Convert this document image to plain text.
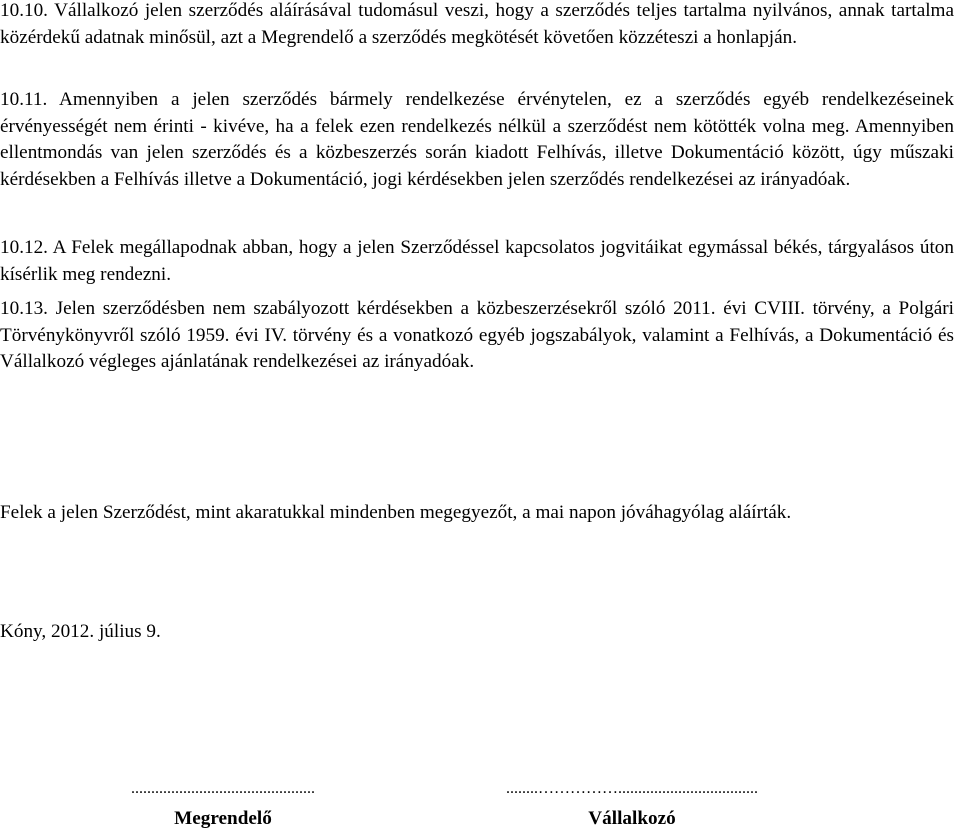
10.10. Vállalkozó jelen szerződés aláírásával tudomásul veszi, hogy a szerződés teljes tartalma nyilvános, annak tartalma közérdekű adatnak minősül, azt a Megrendelő a szerződés megkötését követően közzéteszi a honlapján.
10.11. Amennyiben a jelen szerződés bármely rendelkezése érvénytelen, ez a szerződés egyéb rendelkezéseinek érvényességét nem érinti - kivéve, ha a felek ezen rendelkezés nélkül a szerződést nem kötötték volna meg. Amennyiben ellentmondás van jelen szerződés és a közbeszerzés során kiadott Felhívás, illetve Dokumentáció között, úgy műszaki kérdésekben a Felhívás illetve a Dokumentáció, jogi kérdésekben jelen szerződés rendelkezései az irányadóak.
10.12. A Felek megállapodnak abban, hogy a jelen Szerződéssel kapcsolatos jogvitáikat egymással békés, tárgyalásos úton kísérlik meg rendezni.
10.13. Jelen szerződésben nem szabályozott kérdésekben a közbeszerzésekről szóló 2011. évi CVIII. törvény, a Polgári Törvénykönyvről szóló 1959. évi IV. törvény és a vonatkozó egyéb jogszabályok, valamint a Felhívás, a Dokumentáció és Vállalkozó végleges ajánlatának rendelkezései az irányadóak.
Felek a jelen Szerződést, mint akaratukkal mindenben megegyezőt, a mai napon jóváhagyólag aláírták.
Kóny, 2012. július 9.
..............................................
Megrendelő
........……………...................................
Vállalkozó
